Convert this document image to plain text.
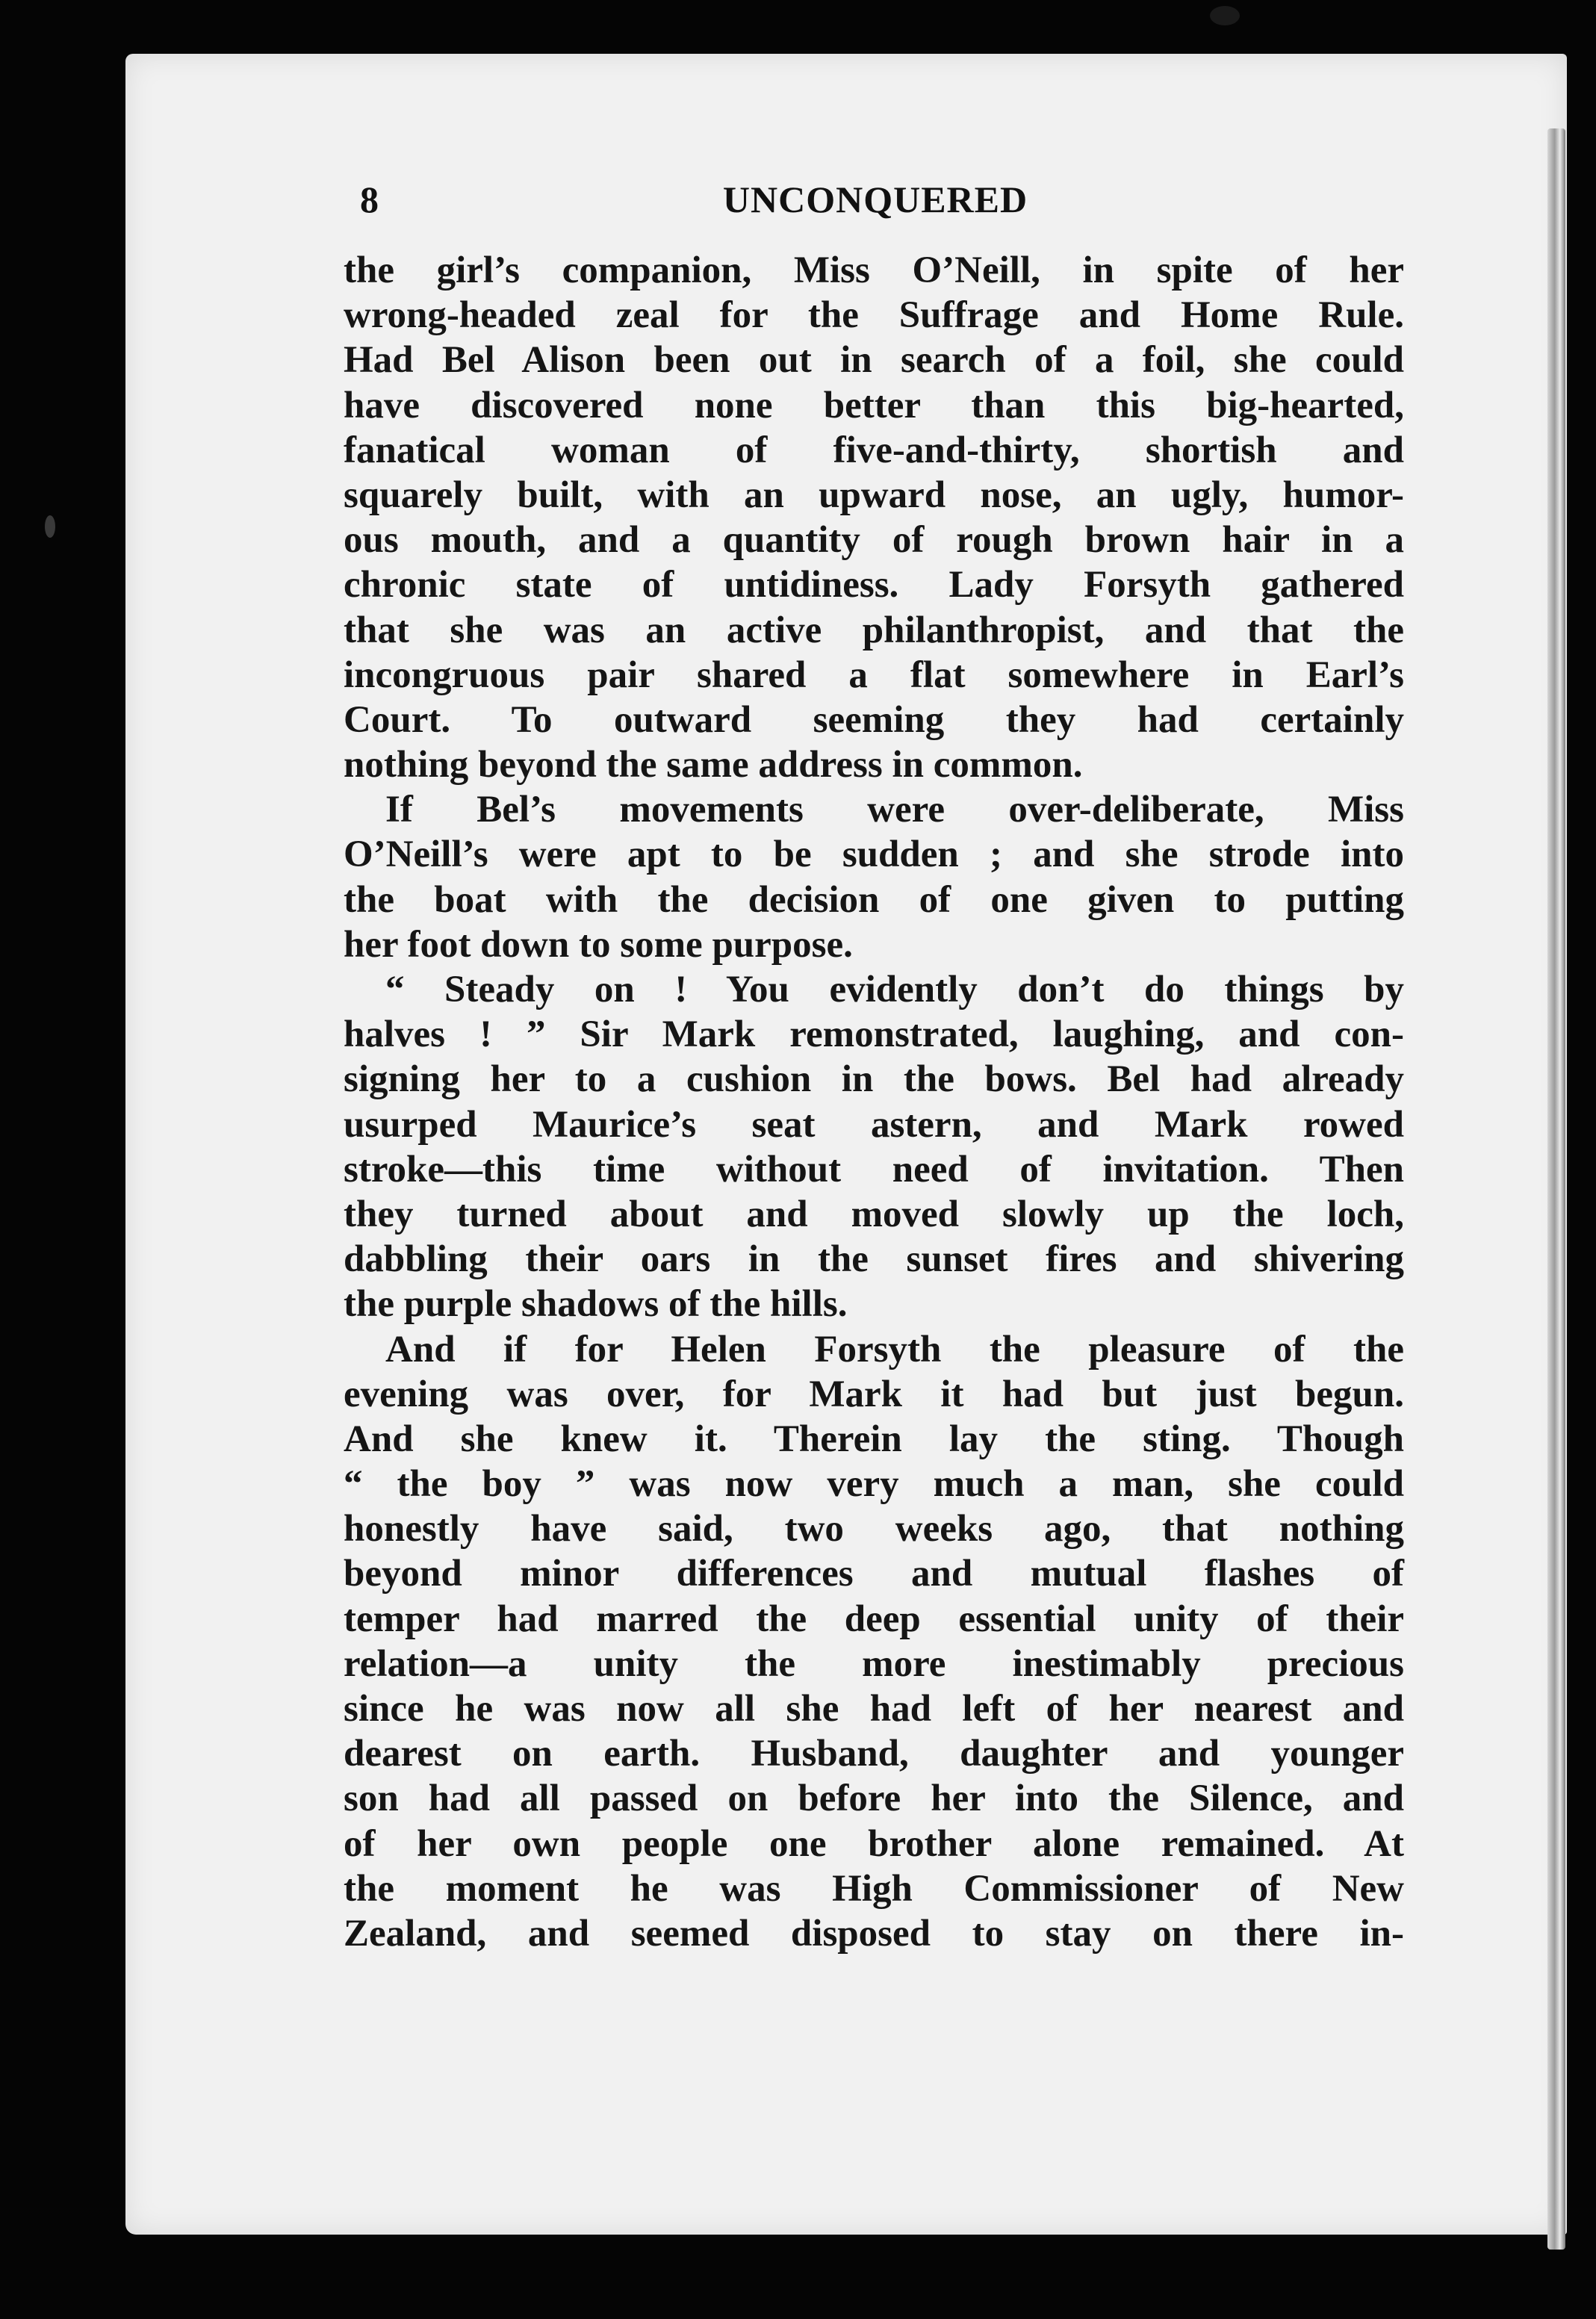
8	UNCONQUERED
the girl’s companion, Miss O’Neill, in spite of her
wrong-headed zeal for the Suffrage and Home Rule.
Had Bel Alison been out in search of a foil, she could
have discovered none better than this big-hearted,
fanatical woman of five-and-thirty, shortish and
squarely built, with an upward nose, an ugly, humor-
ous mouth, and a quantity of rough brown hair in a
chronic state of untidiness. Lady Forsyth gathered
that she was an active philanthropist, and that the
incongruous pair shared a flat somewhere in Earl’s
Court. To outward seeming they had certainly
nothing beyond the same address in common.
If Bel’s movements were over-deliberate, Miss
O’Neill’s were apt to be sudden ; and she strode into
the boat with the decision of one given to putting
her foot down to some purpose.
“ Steady on ! You evidently don’t do things by
halves ! ” Sir Mark remonstrated, laughing, and con-
signing her to a cushion in the bows. Bel had already
usurped Maurice’s seat astern, and Mark rowed
stroke—this time without need of invitation. Then
they turned about and moved slowly up the loch,
dabbling their oars in the sunset fires and shivering
the purple shadows of the hills.
And if for Helen Forsyth the pleasure of the
evening was over, for Mark it had but just begun.
And she knew it. Therein lay the sting. Though
“ the boy ” was now very much a man, she could
honestly have said, two weeks ago, that nothing
beyond minor differences and mutual flashes of
temper had marred the deep essential unity of their
relation—a unity the more inestimably precious
since he was now all she had left of her nearest and
dearest on earth. Husband, daughter and younger
son had all passed on before her into the Silence, and
of her own people one brother alone remained. At
the moment he was High Commissioner of New
Zealand, and seemed disposed to stay on there in-
